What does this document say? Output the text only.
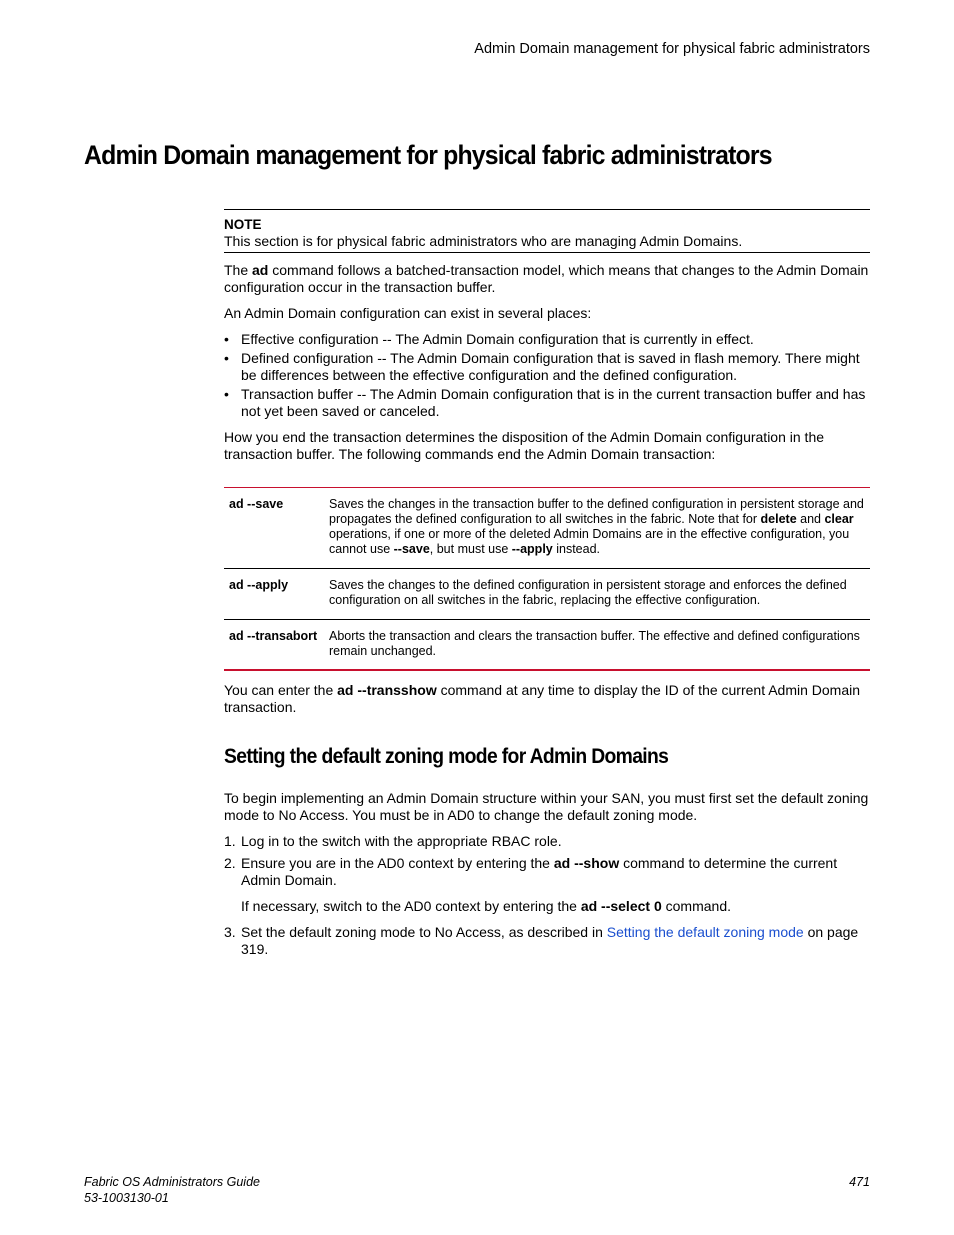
Admin Domain management for physical fabric administrators
Admin Domain management for physical fabric administrators
NOTE
This section is for physical fabric administrators who are managing Admin Domains.
The ad command follows a batched-transaction model, which means that changes to the Admin Domain configuration occur in the transaction buffer.
An Admin Domain configuration can exist in several places:
• Effective configuration -- The Admin Domain configuration that is currently in effect.
• Defined configuration -- The Admin Domain configuration that is saved in flash memory. There might be differences between the effective configuration and the defined configuration.
• Transaction buffer -- The Admin Domain configuration that is in the current transaction buffer and has not yet been saved or canceled.
How you end the transaction determines the disposition of the Admin Domain configuration in the transaction buffer. The following commands end the Admin Domain transaction:
ad --save	Saves the changes in the transaction buffer to the defined configuration in persistent storage and propagates the defined configuration to all switches in the fabric. Note that for delete and clear operations, if one or more of the deleted Admin Domains are in the effective configuration, you cannot use --save, but must use --apply instead.
ad --apply	Saves the changes to the defined configuration in persistent storage and enforces the defined configuration on all switches in the fabric, replacing the effective configuration.
ad --transabort	Aborts the transaction and clears the transaction buffer. The effective and defined configurations remain unchanged.
You can enter the ad --transshow command at any time to display the ID of the current Admin Domain transaction.
Setting the default zoning mode for Admin Domains
To begin implementing an Admin Domain structure within your SAN, you must first set the default zoning mode to No Access. You must be in AD0 to change the default zoning mode.
1. Log in to the switch with the appropriate RBAC role.
2. Ensure you are in the AD0 context by entering the ad --show command to determine the current Admin Domain.
If necessary, switch to the AD0 context by entering the ad --select 0 command.
3. Set the default zoning mode to No Access, as described in Setting the default zoning mode on page 319.
Fabric OS Administrators Guide
53-1003130-01
471
